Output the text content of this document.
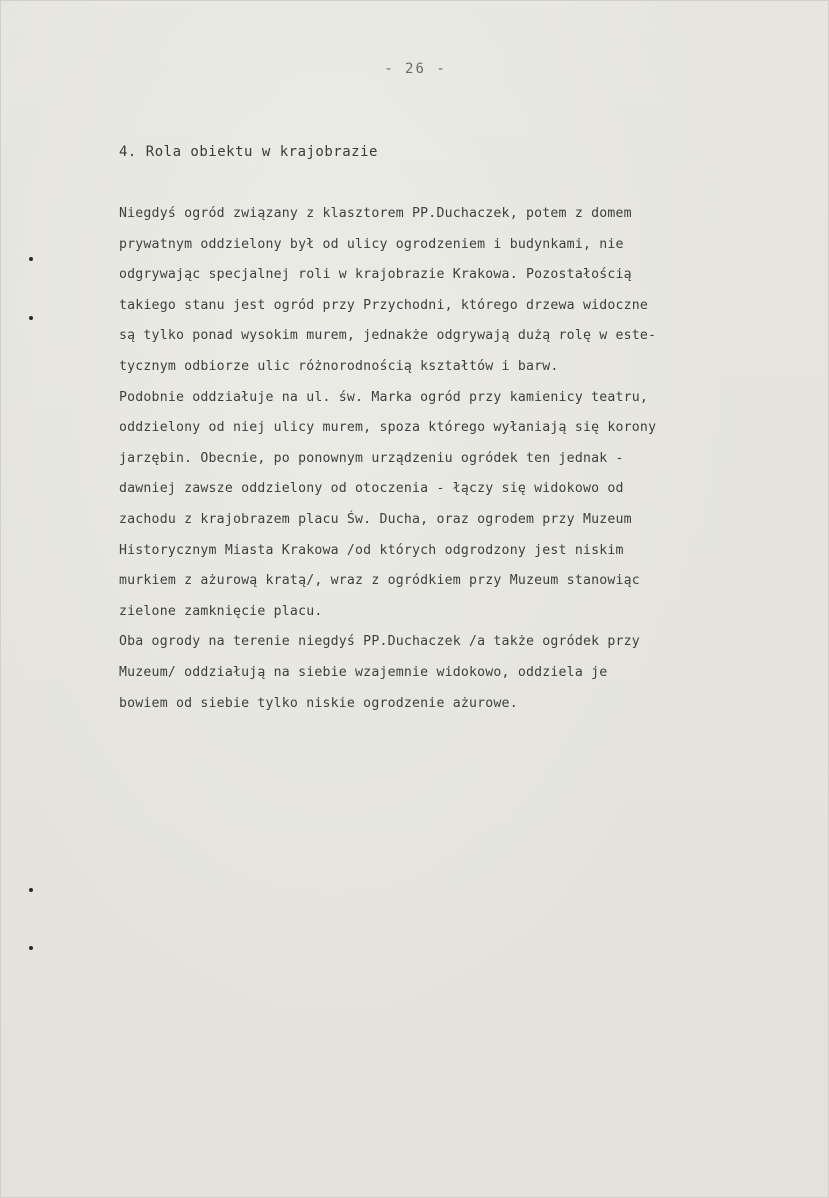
- 26 -
4. Rola obiektu w krajobrazie
Niegdyś ogród związany z klasztorem PP.Duchaczek, potem z domem
prywatnym oddzielony był od ulicy ogrodzeniem i budynkami, nie
odgrywając specjalnej roli w krajobrazie Krakowa. Pozostałością
takiego stanu jest ogród przy Przychodni, którego drzewa widoczne
są tylko ponad wysokim murem, jednakże odgrywają dużą rolę w este-
tycznym odbiorze ulic różnorodnością kształtów i barw.
Podobnie oddziałuje na ul. św. Marka ogród przy kamienicy teatru,
oddzielony od niej ulicy murem, spoza którego wyłaniają się korony
jarzębin. Obecnie, po ponownym urządzeniu ogródek ten jednak -
dawniej zawsze oddzielony od otoczenia - łączy się widokowo od
zachodu z krajobrazem placu Św. Ducha, oraz ogrodem przy Muzeum
Historycznym Miasta Krakowa /od których odgrodzony jest niskim
murkiem z ażurową kratą/, wraz z ogródkiem przy Muzeum stanowiąc
zielone zamknięcie placu.
Oba ogrody na terenie niegdyś PP.Duchaczek /a także ogródek przy
Muzeum/ oddziałują na siebie wzajemnie widokowo, oddziela je
bowiem od siebie tylko niskie ogrodzenie ażurowe.
